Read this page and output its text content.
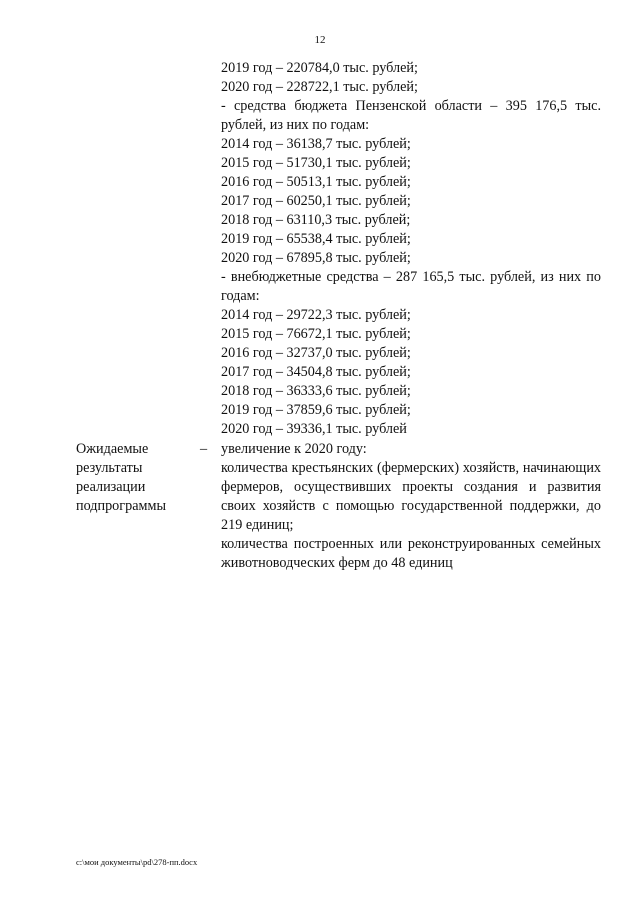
12
2019 год – 220784,0 тыс. рублей;
2020 год – 228722,1 тыс. рублей;
- средства бюджета Пензенской области – 395 176,5 тыс. рублей, из них по годам:
2014 год – 36138,7 тыс. рублей;
2015 год – 51730,1 тыс. рублей;
2016 год – 50513,1 тыс. рублей;
2017 год – 60250,1 тыс. рублей;
2018 год – 63110,3 тыс. рублей;
2019 год – 65538,4 тыс. рублей;
2020 год – 67895,8 тыс. рублей;
- внебюджетные средства – 287 165,5 тыс. рублей, из них по годам:
2014 год – 29722,3 тыс. рублей;
2015 год – 76672,1 тыс. рублей;
2016 год – 32737,0 тыс. рублей;
2017 год – 34504,8 тыс. рублей;
2018 год – 36333,6 тыс. рублей;
2019 год – 37859,6 тыс. рублей;
2020 год – 39336,1 тыс. рублей
Ожидаемые
результаты
реализации
подпрограммы
– увеличение к 2020 году:
количества крестьянских (фермерских) хозяйств, начинающих фермеров, осуществивших проекты создания и развития своих хозяйств с помощью государственной поддержки, до 219 единиц;
количества построенных или реконструированных семейных животноводческих ферм до 48 единиц
c:\мои документы\pd\278-пп.docx
